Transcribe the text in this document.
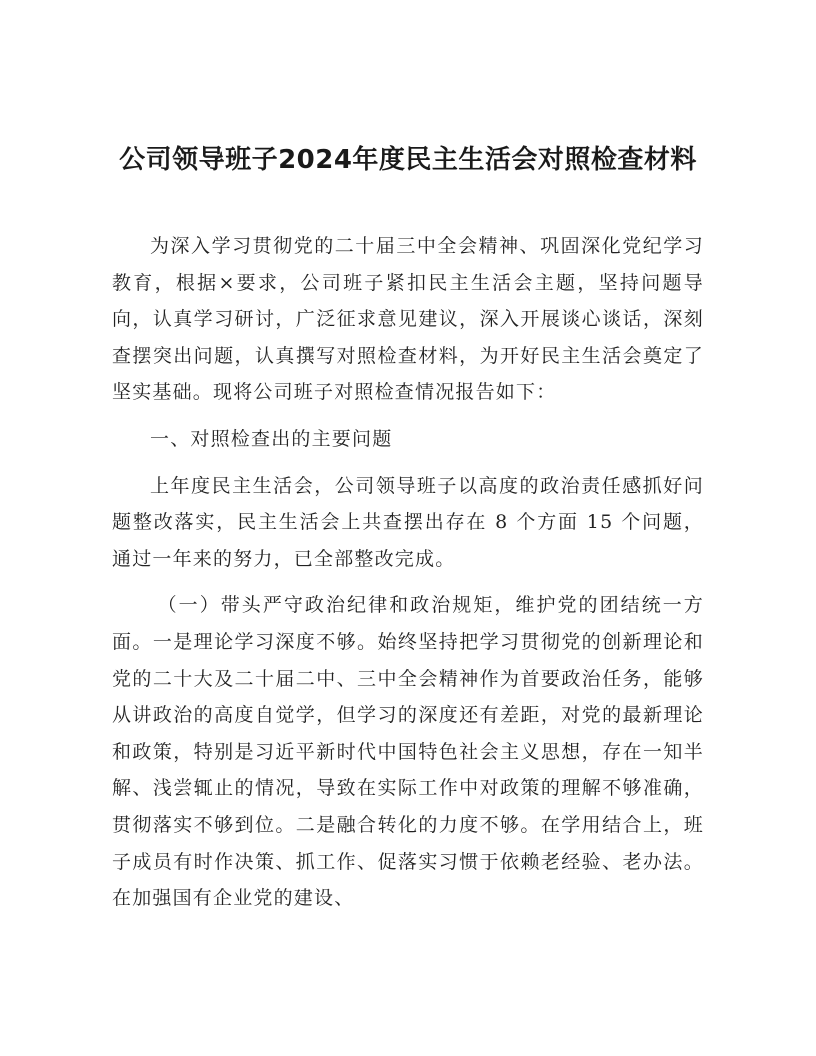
公司领导班子2024年度民主生活会对照检查材料

为深入学习贯彻党的二十届三中全会精神、巩固深化党纪学习教育，根据×要求，公司班子紧扣民主生活会主题，坚持问题导向，认真学习研讨，广泛征求意见建议，深入开展谈心谈话，深刻查摆突出问题，认真撰写对照检查材料，为开好民主生活会奠定了坚实基础。现将公司班子对照检查情况报告如下：

一、对照检查出的主要问题

上年度民主生活会，公司领导班子以高度的政治责任感抓好问题整改落实，民主生活会上共查摆出存在 8 个方面 15 个问题，通过一年来的努力，已全部整改完成。

（一）带头严守政治纪律和政治规矩，维护党的团结统一方面。一是理论学习深度不够。始终坚持把学习贯彻党的创新理论和党的二十大及二十届二中、三中全会精神作为首要政治任务，能够从讲政治的高度自觉学，但学习的深度还有差距，对党的最新理论和政策，特别是习近平新时代中国特色社会主义思想，存在一知半解、浅尝辄止的情况，导致在实际工作中对政策的理解不够准确，贯彻落实不够到位。二是融合转化的力度不够。在学用结合上，班子成员有时作决策、抓工作、促落实习惯于依赖老经验、老办法。在加强国有企业党的建设、
